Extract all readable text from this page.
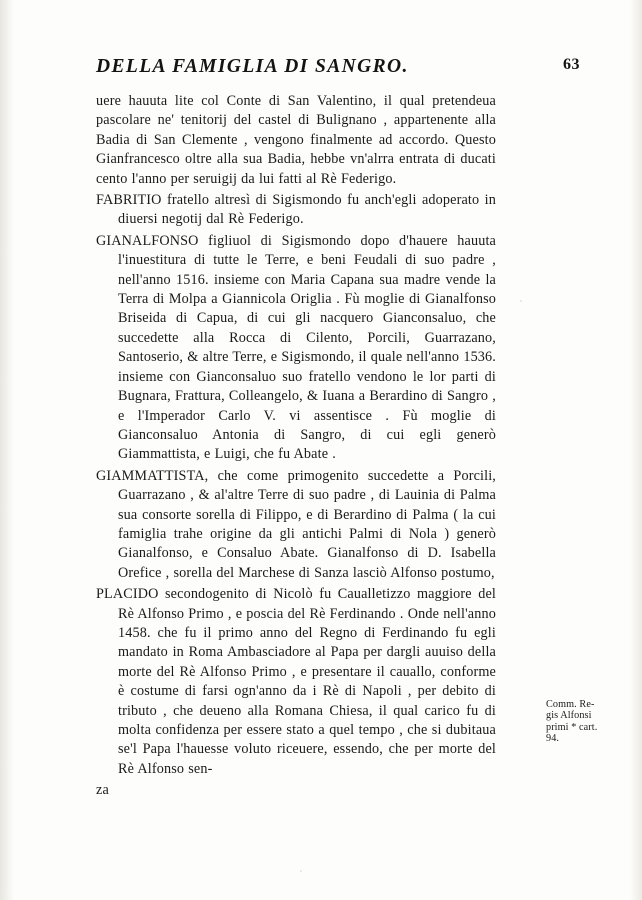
DELLA FAMIGLIA DI SANGRO.	63

uere hauuta lite col Conte di San Valentino, il qual pretendeua pascolare ne' tenitorij del castel di Bulignano , appartenente alla Badia di San Clemente , vengono finalmente ad accordo. Questo Gianfrancesco oltre alla sua Badia, hebbe vn'alrra entrata di ducati cento l'anno per seruigij da lui fatti al Rè Federigo.

FABRITIO fratello altresì di Sigismondo fu anch'egli adoperato in diuersi negotij dal Rè Federigo.

GIANALFONSO figliuol di Sigismondo dopo d'hauere hauuta l'inuestitura di tutte le Terre, e beni Feudali di suo padre , nell'anno 1516. insieme con Maria Capana sua madre vende la Terra di Molpa a Giannicola Origlia . Fù moglie di Gianalfonso Briseida di Capua, di cui gli nacquero Gianconsaluo, che succedette alla Rocca di Cilento, Porcili, Guarrazano, Santoserio, & altre Terre, e Sigismondo, il quale nell'anno 1536. insieme con Gianconsaluo suo fratello vendono le lor parti di Bugnara, Frattura, Colleangelo, & Iuana a Berardino di Sangro , e l'Imperador Carlo V. vi assentisce . Fù moglie di Gianconsaluo Antonia di Sangro, di cui egli generò Giammattista, e Luigi, che fu Abate .

GIAMMATTISTA, che come primogenito succedette a Porcili, Guarrazano , & al'altre Terre di suo padre , di Lauinia di Palma sua consorte sorella di Filippo, e di Berardino di Palma ( la cui famiglia trahe origine da gli antichi Palmi di Nola ) generò Gianalfonso, e Consaluo Abate. Gianalfonso di D. Isabella Orefice , sorella del Marchese di Sanza lasciò Alfonso postumo,

PLACIDO secondogenito di Nicolò fu Caualletizzo maggiore del Rè Alfonso Primo , e poscia del Rè Ferdinando . Onde nell'anno 1458. che fu il primo anno del Regno di Ferdinando fu egli mandato in Roma Ambasciadore al Papa per dargli auuiso della morte del Rè Alfonso Primo , e presentare il cauallo, conforme è costume di farsi ogn'anno da i Rè di Napoli , per debito di tributo , che deueno alla Romana Chiesa, il qual carico fu di molta confidenza per essere stato a quel tempo , che si dubitaua se'l Papa l'hauesse voluto riceuere, essendo, che per morte del Rè Alfonso sen-

za

Comm. Re-
gis Alfonsi
primi * cart.
94.
